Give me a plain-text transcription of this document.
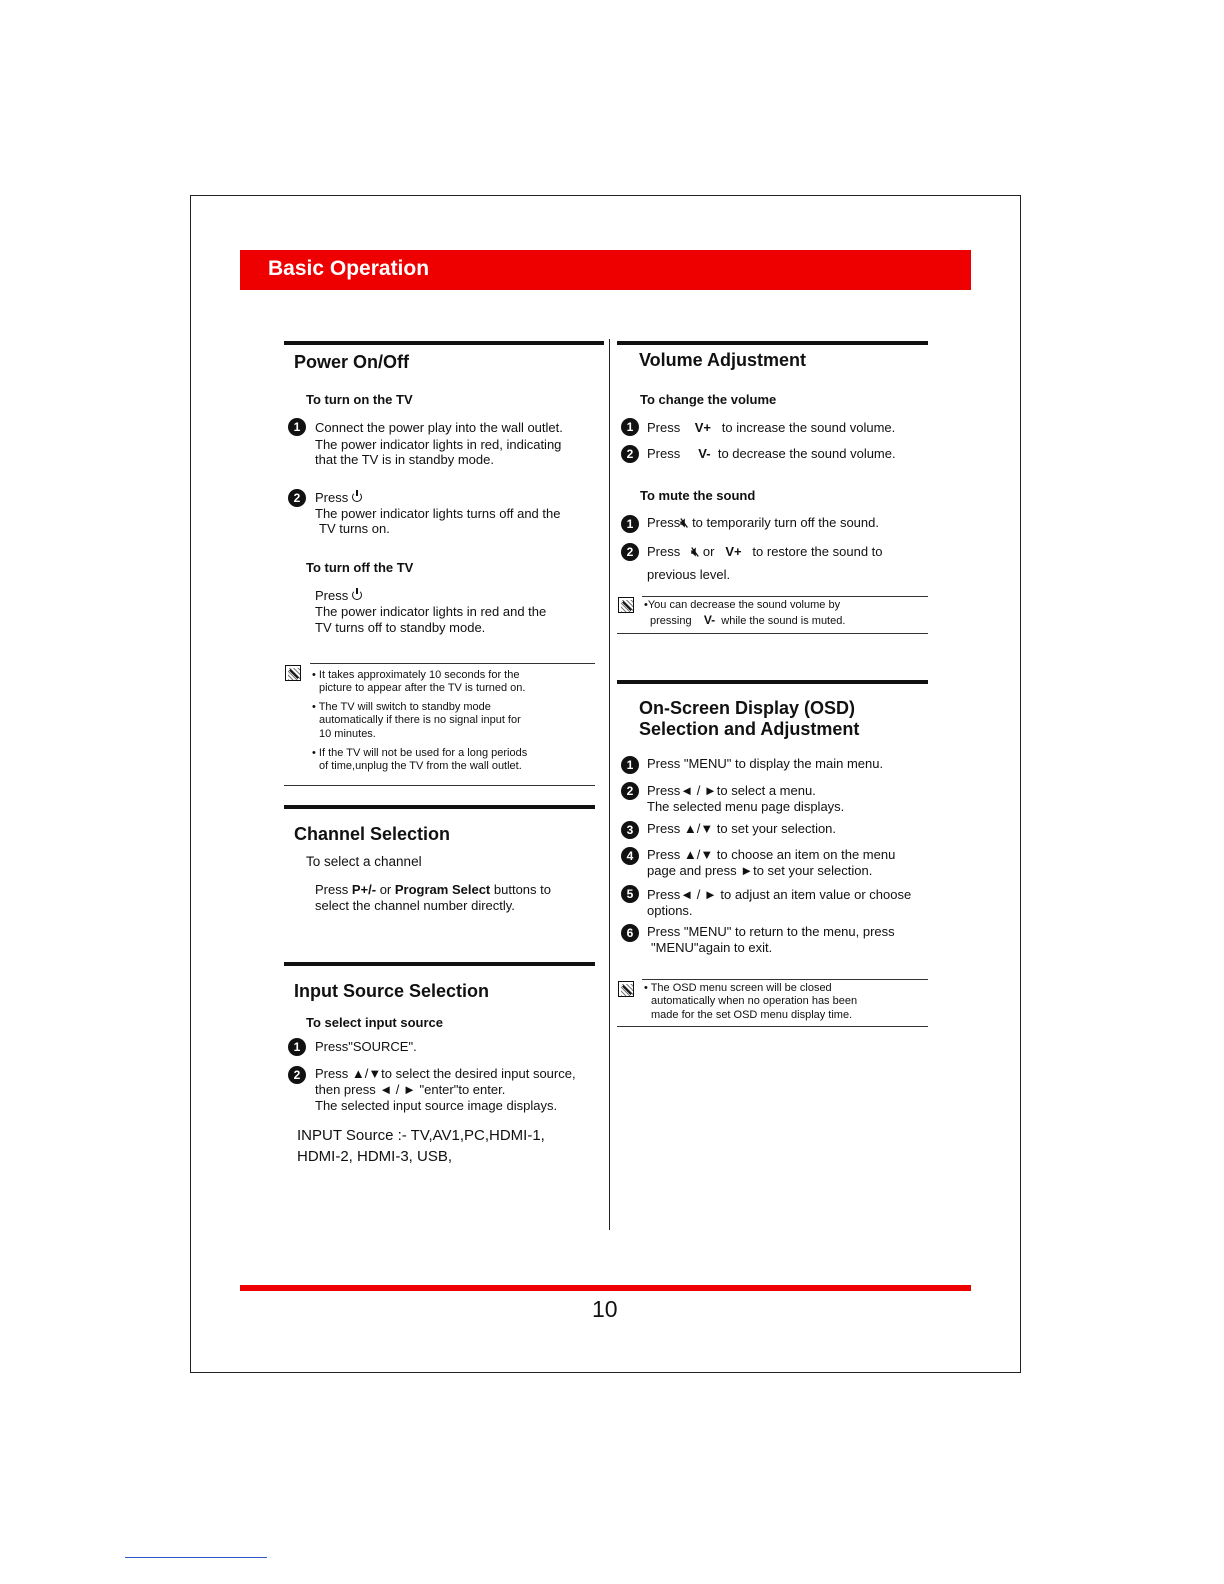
Basic Operation
Power On/Off
To turn on the TV
1	Connect the power play into the wall outlet.
The power indicator lights in red, indicating
that the TV is in standby mode.
2	Press
The power indicator lights turns off and the
TV turns on.
To turn off the TV
Press
The power indicator lights in red and the
TV turns off to standby mode.
• It takes approximately 10 seconds for the
picture to appear after the TV is turned on.
• The TV will switch to standby mode
automatically if there is no signal input for
10 minutes.
• If the TV will not be used for a long periods
of time,unplug the TV from the wall outlet.
Channel Selection
To select a channel
Press P+/- or Program Select buttons to
select the channel number directly.
Input Source Selection
To select input source
1	Press"SOURCE".
2	Press ▲/▼to select the desired input source,
then press ◄ / ► "enter"to enter.
The selected input source image displays.
INPUT Source :- TV,AV1,PC,HDMI-1,
HDMI-2, HDMI-3, USB,
Volume Adjustment
To change the volume
1	Press V+ to increase the sound volume.
2	Press V- to decrease the sound volume.
To mute the sound
1	Press🔇︎ to temporarily turn off the sound.
2	Press 🔇︎ or V+ to restore the sound to
previous level.
•You can decrease the sound volume by
pressing V- while the sound is muted.
On-Screen Display (OSD)
Selection and Adjustment
1	Press "MENU" to display the main menu.
2	Press◄ / ►to select a menu.
The selected menu page displays.
3	Press ▲/▼ to set your selection.
4	Press ▲/▼ to choose an item on the menu
page and press ►to set your selection.
5	Press◄ / ► to adjust an item value or choose
options.
6	Press "MENU" to return to the menu, press
"MENU"again to exit.
• The OSD menu screen will be closed
automatically when no operation has been
made for the set OSD menu display time.
10
